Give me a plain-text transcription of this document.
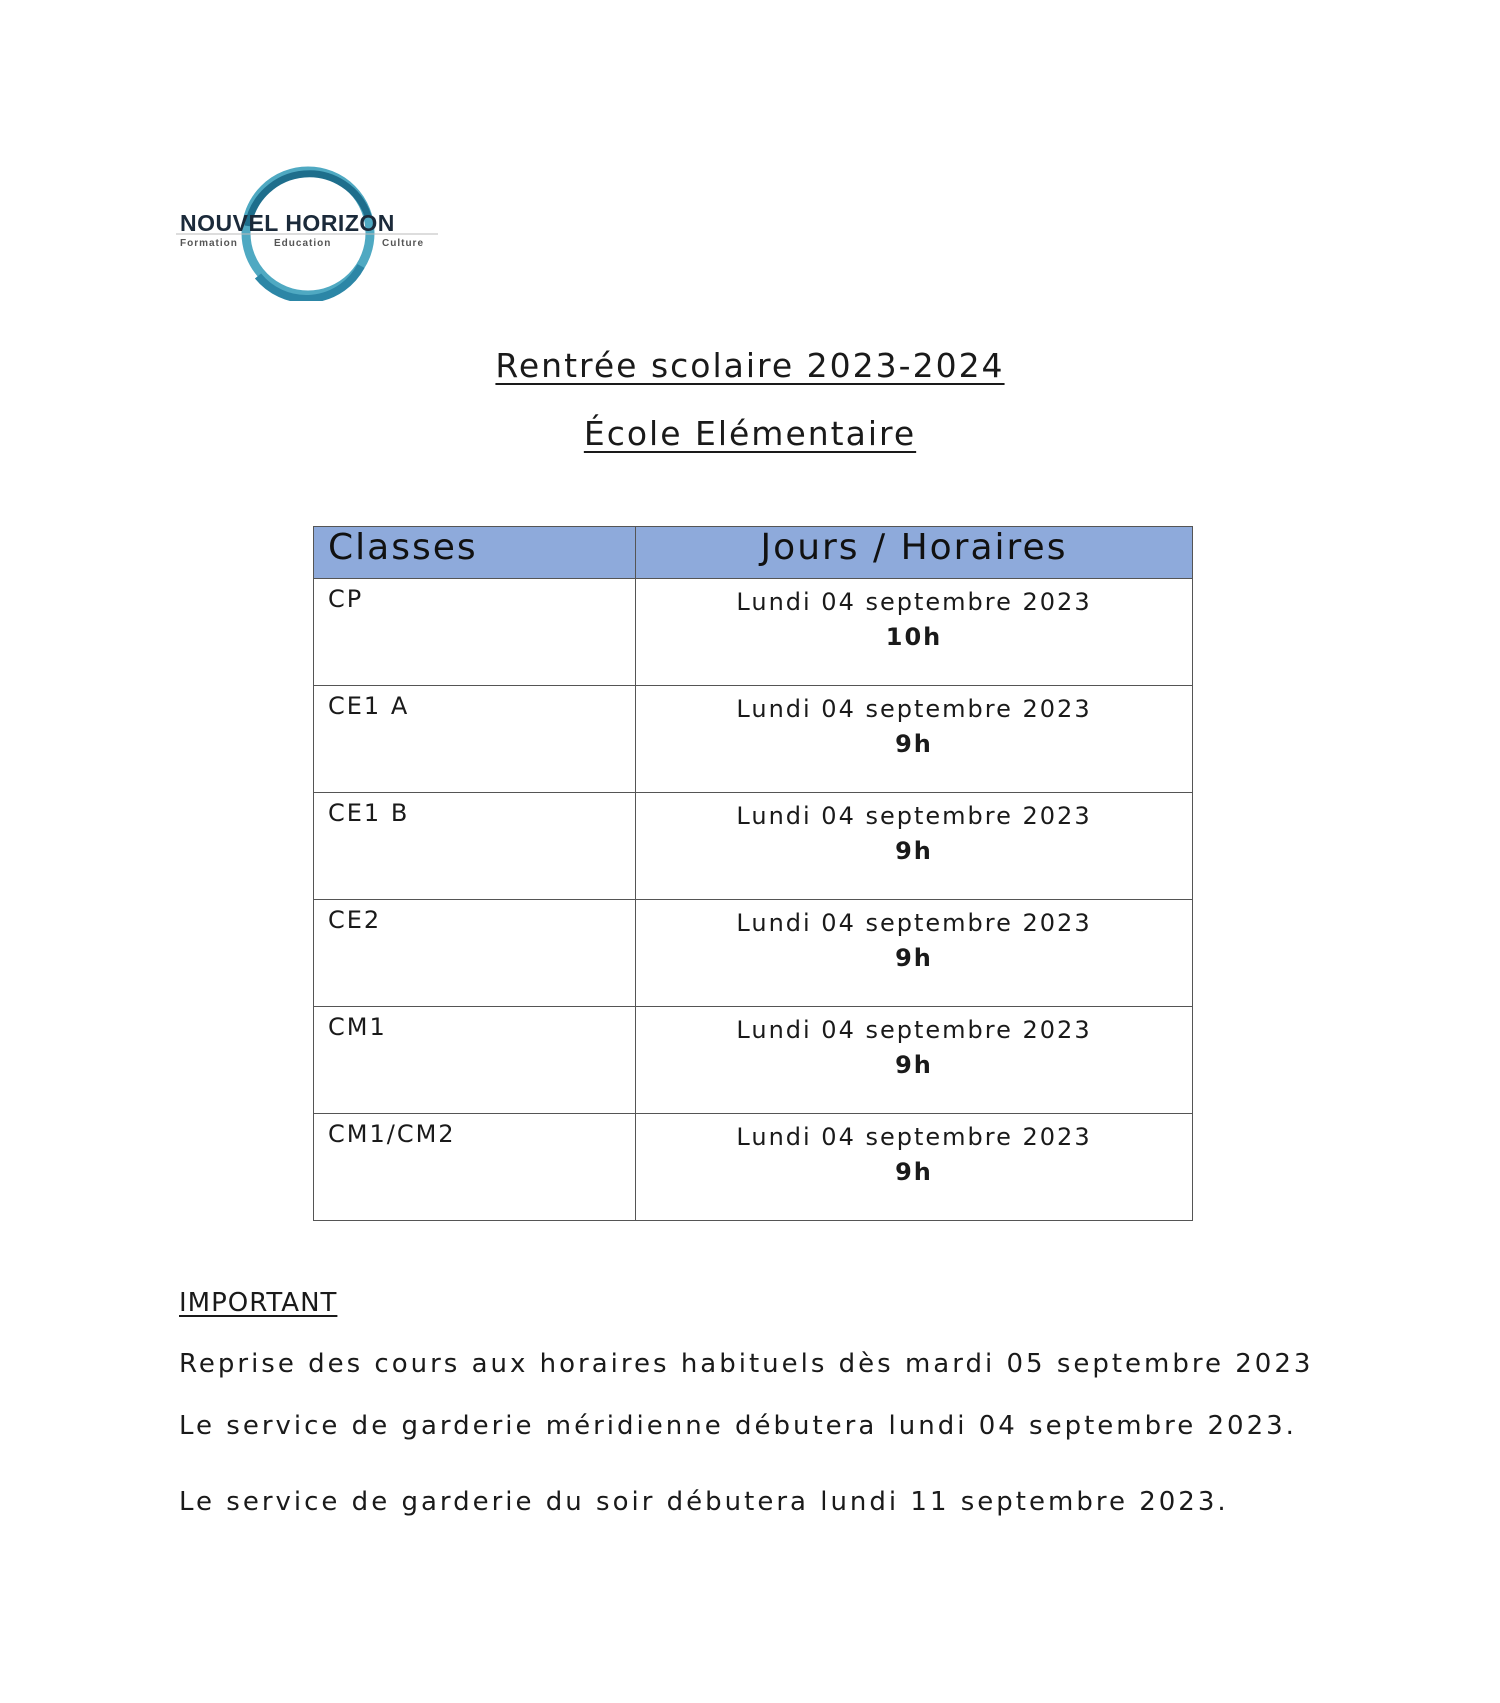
NOUVEL HORIZON
Formation	Education	Culture
Rentrée scolaire 2023-2024
École Elémentaire
Classes	Jours / Horaires
CP	Lundi 04 septembre 2023
10h

CE1 A	Lundi 04 septembre 2023
9h

CE1 B	Lundi 04 septembre 2023
9h

CE2	Lundi 04 septembre 2023
9h

CM1	Lundi 04 septembre 2023
9h

CM1/CM2	Lundi 04 septembre 2023
9h
IMPORTANT
Reprise des cours aux horaires habituels dès mardi 05 septembre 2023
Le service de garderie méridienne débutera lundi 04 septembre 2023.
Le service de garderie du soir débutera lundi 11 septembre 2023.
